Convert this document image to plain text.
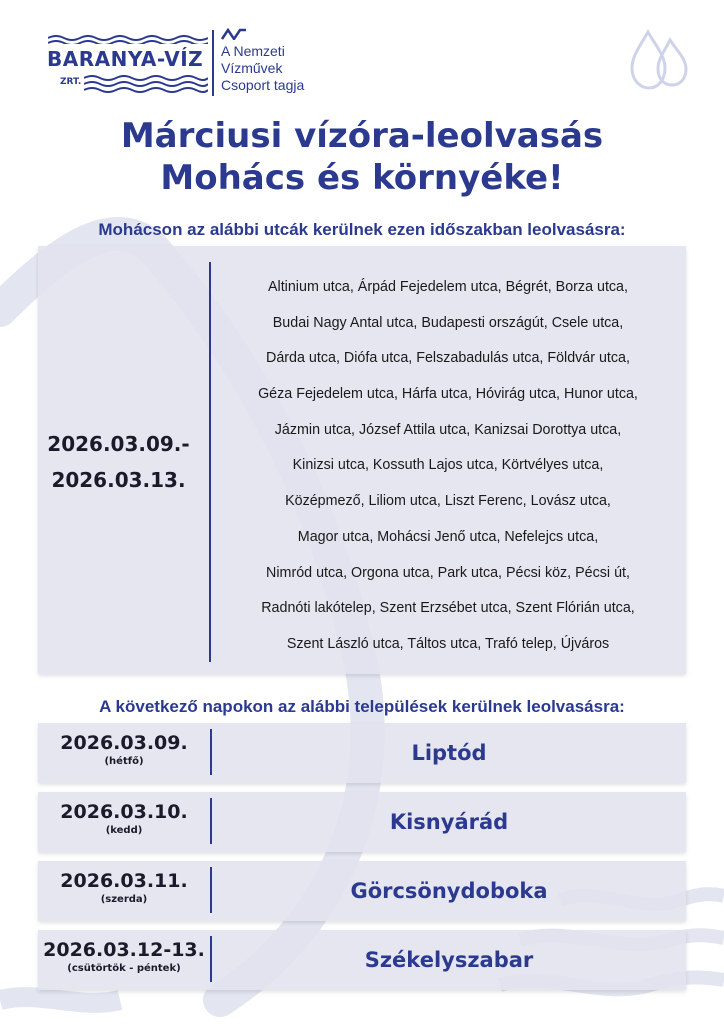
BARANYA-VÍZ
ZRT.
A Nemzeti
Vízművek
Csoport tagja
Márciusi vízóra-leolvasás
Mohács és környéke!
Mohácson az alábbi utcák kerülnek ezen időszakban leolvasásra:
2026.03.09.-
2026.03.13.
Altinium utca, Árpád Fejedelem utca, Bégrét, Borza utca,
Budai Nagy Antal utca, Budapesti országút, Csele utca,
Dárda utca, Diófa utca, Felszabadulás utca, Földvár utca,
Géza Fejedelem utca, Hárfa utca, Hóvirág utca, Hunor utca,
Jázmin utca, József Attila utca, Kanizsai Dorottya utca,
Kinizsi utca, Kossuth Lajos utca, Körtvélyes utca,
Középmező, Liliom utca, Liszt Ferenc, Lovász utca,
Magor utca, Mohácsi Jenő utca, Nefelejcs utca,
Nimród utca, Orgona utca, Park utca, Pécsi köz, Pécsi út,
Radnóti lakótelep, Szent Erzsébet utca, Szent Flórián utca,
Szent László utca, Táltos utca, Trafó telep, Újváros
A következő napokon az alábbi települések kerülnek leolvasásra:
2026.03.09.
(hétfő)	Liptód
2026.03.10.
(kedd)	Kisnyárád
2026.03.11.
(szerda)	Görcsönydoboka
2026.03.12-13.
(csütörtök - péntek)	Székelyszabar
